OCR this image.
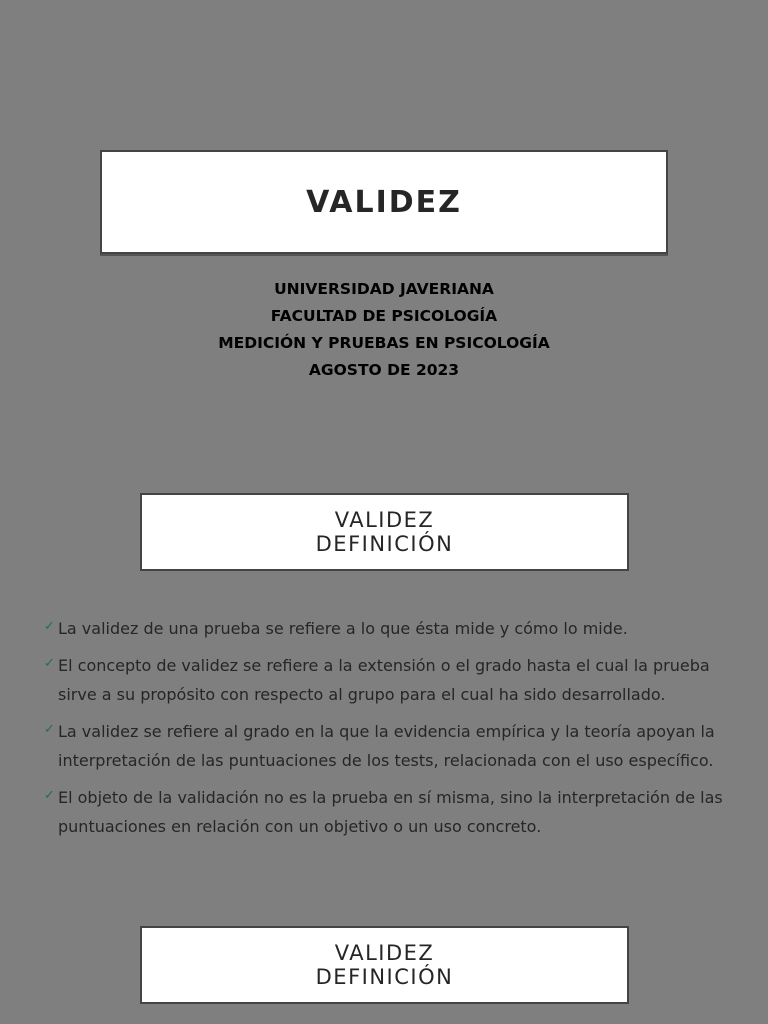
VALIDEZ
UNIVERSIDAD JAVERIANA
FACULTAD DE PSICOLOGÍA
MEDICIÓN Y PRUEBAS EN PSICOLOGÍA
AGOSTO DE 2023
VALIDEZ
DEFINICIÓN
✓ La validez de una prueba se refiere a lo que ésta mide y cómo lo mide.
✓ El concepto de validez se refiere a la extensión o el grado hasta el cual la prueba sirve a su propósito con respecto al grupo para el cual ha sido desarrollado.
✓ La validez se refiere al grado en la que la evidencia empírica y la teoría apoyan la interpretación de las puntuaciones de los tests, relacionada con el uso específico.
✓ El objeto de la validación no es la prueba en sí misma, sino la interpretación de las puntuaciones en relación con un objetivo o un uso concreto.
VALIDEZ
DEFINICIÓN
